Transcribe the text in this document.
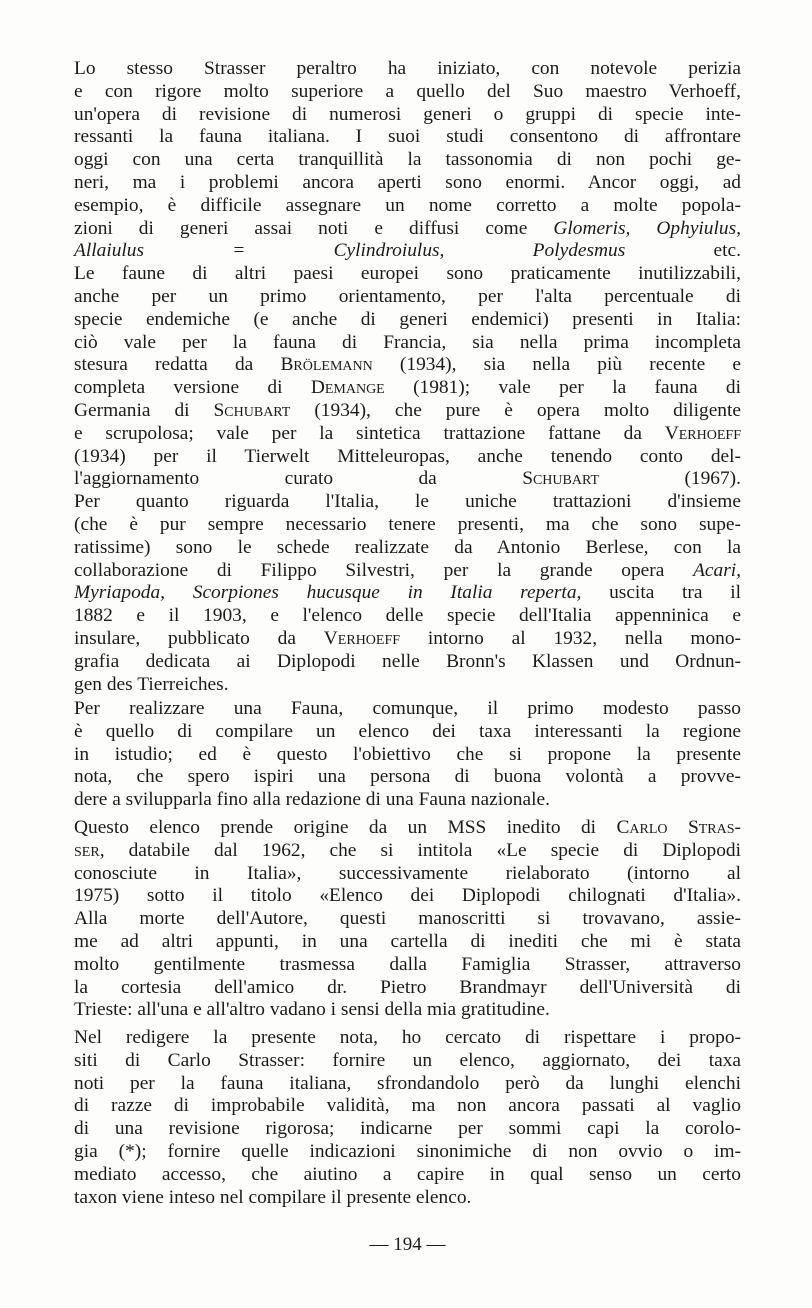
Lo stesso Strasser peraltro ha iniziato, con notevole perizia
e con rigore molto superiore a quello del Suo maestro Verhoeff,
un'opera di revisione di numerosi generi o gruppi di specie inte-
ressanti la fauna italiana. I suoi studi consentono di affrontare
oggi con una certa tranquillità la tassonomia di non pochi ge-
neri, ma i problemi ancora aperti sono enormi. Ancor oggi, ad
esempio, è difficile assegnare un nome corretto a molte popola-
zioni di generi assai noti e diffusi come Glomeris, Ophyiulus,
Allaiulus = Cylindroiulus, Polydesmus etc.
Le faune di altri paesi europei sono praticamente inutilizzabili,
anche per un primo orientamento, per l'alta percentuale di
specie endemiche (e anche di generi endemici) presenti in Italia:
ciò vale per la fauna di Francia, sia nella prima incompleta
stesura redatta da Brölemann (1934), sia nella più recente e
completa versione di Demange (1981); vale per la fauna di
Germania di Schubart (1934), che pure è opera molto diligente
e scrupolosa; vale per la sintetica trattazione fattane da Verhoeff
(1934) per il Tierwelt Mitteleuropas, anche tenendo conto del-
l'aggiornamento curato da Schubart (1967).
Per quanto riguarda l'Italia, le uniche trattazioni d'insieme
(che è pur sempre necessario tenere presenti, ma che sono supe-
ratissime) sono le schede realizzate da Antonio Berlese, con la
collaborazione di Filippo Silvestri, per la grande opera Acari,
Myriapoda, Scorpiones hucusque in Italia reperta, uscita tra il
1882 e il 1903, e l'elenco delle specie dell'Italia appenninica e
insulare, pubblicato da Verhoeff intorno al 1932, nella mono-
grafia dedicata ai Diplopodi nelle Bronn's Klassen und Ordnun-
gen des Tierreiches.

Per realizzare una Fauna, comunque, il primo modesto passo
è quello di compilare un elenco dei taxa interessanti la regione
in istudio; ed è questo l'obiettivo che si propone la presente
nota, che spero ispiri una persona di buona volontà a provve-
dere a svilupparla fino alla redazione di una Fauna nazionale.

Questo elenco prende origine da un MSS inedito di Carlo Stras-
ser, databile dal 1962, che si intitola «Le specie di Diplopodi
conosciute in Italia», successivamente rielaborato (intorno al
1975) sotto il titolo «Elenco dei Diplopodi chilognati d'Italia».
Alla morte dell'Autore, questi manoscritti si trovavano, assie-
me ad altri appunti, in una cartella di inediti che mi è stata
molto gentilmente trasmessa dalla Famiglia Strasser, attraverso
la cortesia dell'amico dr. Pietro Brandmayr dell'Università di
Trieste: all'una e all'altro vadano i sensi della mia gratitudine.

Nel redigere la presente nota, ho cercato di rispettare i propo-
siti di Carlo Strasser: fornire un elenco, aggiornato, dei taxa
noti per la fauna italiana, sfrondandolo però da lunghi elenchi
di razze di improbabile validità, ma non ancora passati al vaglio
di una revisione rigorosa; indicarne per sommi capi la corolo-
gia (*); fornire quelle indicazioni sinonimiche di non ovvio o im-
mediato accesso, che aiutino a capire in qual senso un certo
taxon viene inteso nel compilare il presente elenco.

— 194 —
